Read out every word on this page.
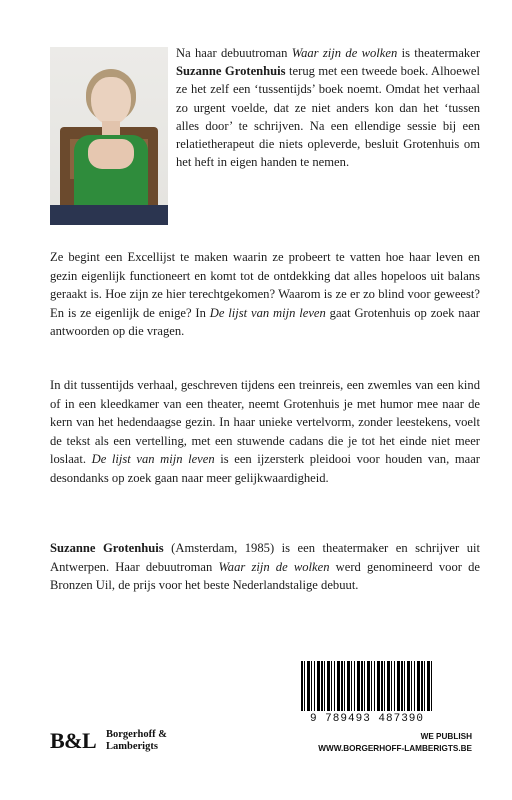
Na haar debuutroman Waar zijn de wolken is theatermaker Suzanne Grotenhuis terug met een tweede boek. Alhoewel ze het zelf een ‘tussentijds’ boek noemt. Omdat het verhaal zo urgent voelde, dat ze niet anders kon dan het ‘tussen alles door’ te schrijven. Na een ellendige sessie bij een relatietherapeut die niets opleverde, besluit Grotenhuis om het heft in eigen handen te nemen.
Ze begint een Excellijst te maken waarin ze probeert te vatten hoe haar leven en gezin eigenlijk functioneert en komt tot de ontdekking dat alles hopeloos uit balans geraakt is. Hoe zijn ze hier terechtgekomen? Waarom is ze er zo blind voor geweest? En is ze eigenlijk de enige? In De lijst van mijn leven gaat Grotenhuis op zoek naar antwoorden op die vragen.
In dit tussentijds verhaal, geschreven tijdens een treinreis, een zwemles van een kind of in een kleedkamer van een theater, neemt Grotenhuis je met humor mee naar de kern van het hedendaagse gezin. In haar unieke vertelvorm, zonder leestekens, voelt de tekst als een vertelling, met een stuwende cadans die je tot het einde niet meer loslaat. De lijst van mijn leven is een ijzersterk pleidooi voor houden van, maar desondanks op zoek gaan naar meer gelijkwaardigheid.
Suzanne Grotenhuis (Amsterdam, 1985) is een theatermaker en schrijver uit Antwerpen. Haar debuutroman Waar zijn de wolken werd genomineerd voor de Bronzen Uil, de prijs voor het beste Nederlandstalige debuut.
9 789493 487390
B&L Borgerhoff &
Lamberigts
WE PUBLISH
WWW.BORGERHOFF-LAMBERIGTS.BE
